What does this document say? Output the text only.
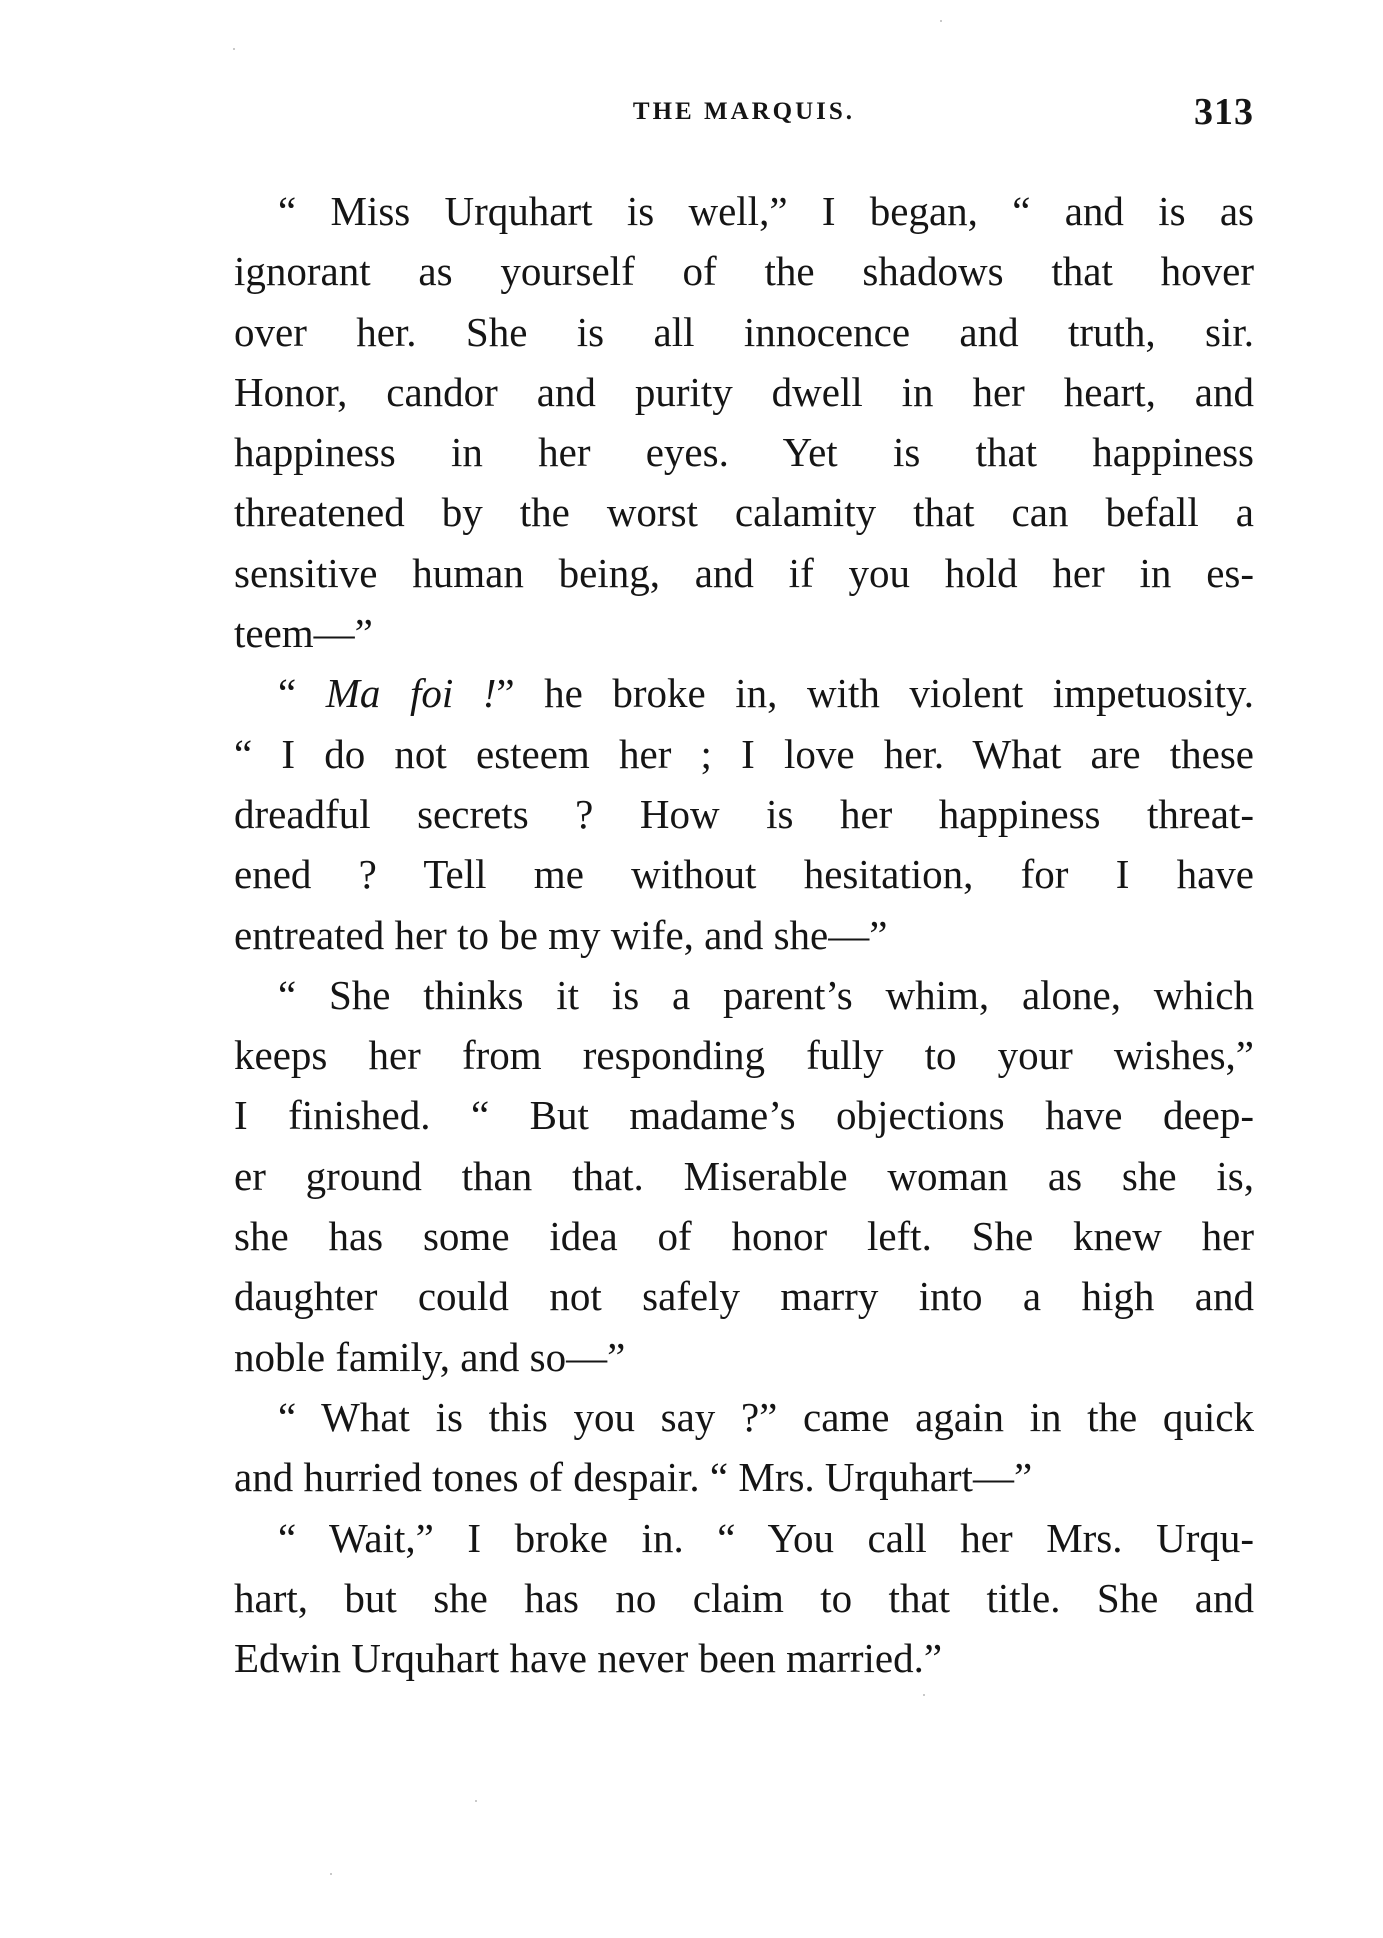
THE MARQUIS.	313
“ Miss Urquhart is well,” I began, “ and is as
ignorant as yourself of the shadows that hover
over her. She is all innocence and truth, sir.
Honor, candor and purity dwell in her heart, and
happiness in her eyes. Yet is that happiness
threatened by the worst calamity that can befall a
sensitive human being, and if you hold her in es-
teem—”
“ Ma foi !” he broke in, with violent impetuosity.
“ I do not esteem her ; I love her. What are these
dreadful secrets ? How is her happiness threat-
ened ? Tell me without hesitation, for I have
entreated her to be my wife, and she—”
“ She thinks it is a parent’s whim, alone, which
keeps her from responding fully to your wishes,”
I finished. “ But madame’s objections have deep-
er ground than that. Miserable woman as she is,
she has some idea of honor left. She knew her
daughter could not safely marry into a high and
noble family, and so—”
“ What is this you say ?” came again in the quick
and hurried tones of despair. “ Mrs. Urquhart—”
“ Wait,” I broke in. “ You call her Mrs. Urqu-
hart, but she has no claim to that title. She and
Edwin Urquhart have never been married.”
